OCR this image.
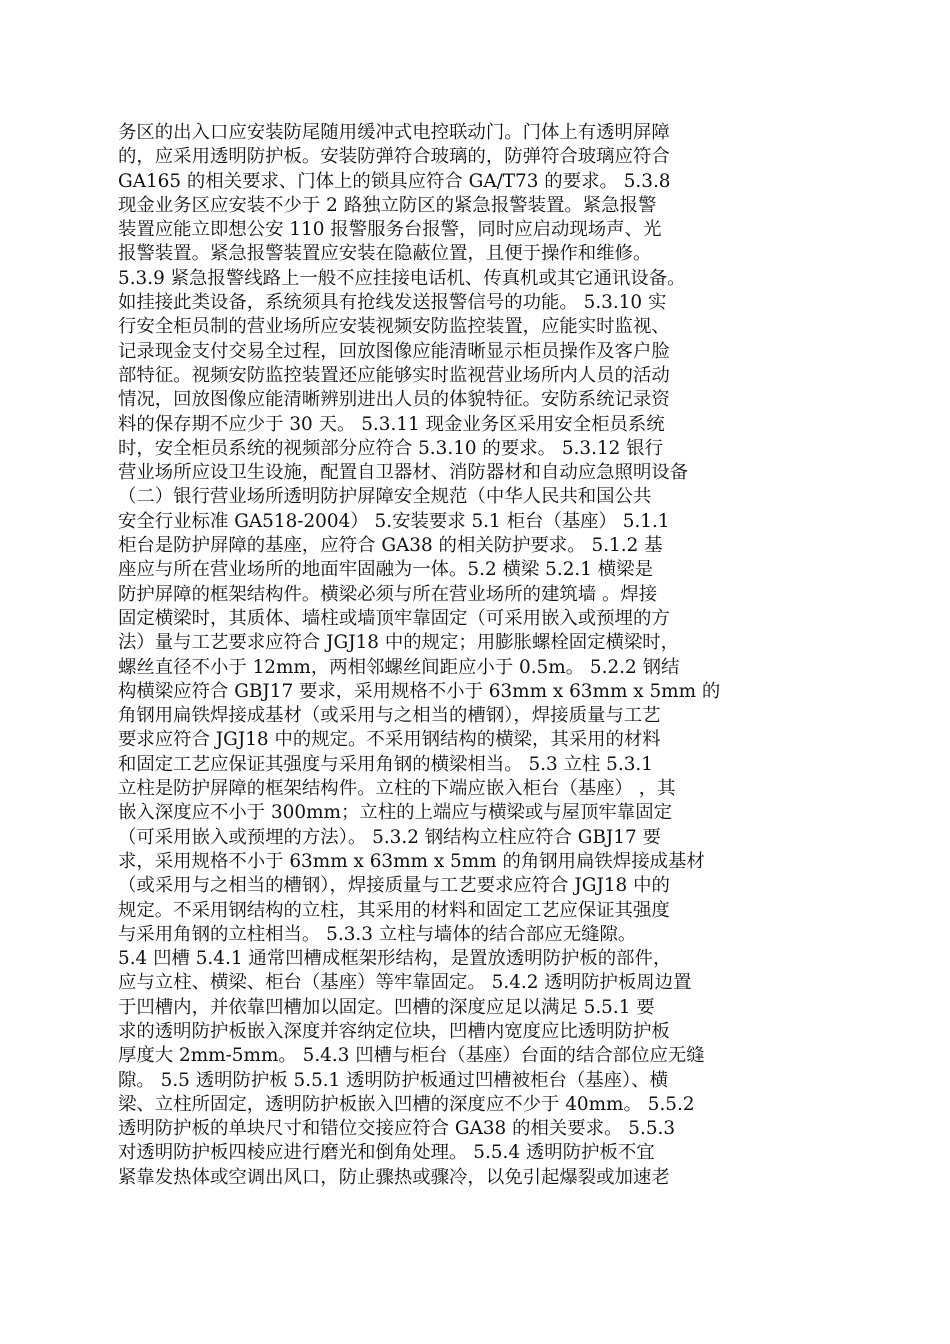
务区的出入口应安装防尾随用缓冲式电控联动门。门体上有透明屏障
的，应采用透明防护板。安装防弹符合玻璃的，防弹符合玻璃应符合
GA165 的相关要求、门体上的锁具应符合 GA/T73 的要求。 5.3.8
现金业务区应安装不少于 2 路独立防区的紧急报警装置。紧急报警
装置应能立即想公安 110 报警服务台报警，同时应启动现场声、光
报警装置。紧急报警装置应安装在隐蔽位置，且便于操作和维修。
5.3.9 紧急报警线路上一般不应挂接电话机、传真机或其它通讯设备。
如挂接此类设备，系统须具有抢线发送报警信号的功能。 5.3.10 实
行安全柜员制的营业场所应安装视频安防监控装置，应能实时监视、
记录现金支付交易全过程，回放图像应能清晰显示柜员操作及客户脸
部特征。视频安防监控装置还应能够实时监视营业场所内人员的活动
情况，回放图像应能清晰辨别进出人员的体貌特征。安防系统记录资
料的保存期不应少于 30 天。 5.3.11 现金业务区采用安全柜员系统
时，安全柜员系统的视频部分应符合 5.3.10 的要求。 5.3.12 银行
营业场所应设卫生设施，配置自卫器材、消防器材和自动应急照明设备
（二）银行营业场所透明防护屏障安全规范（中华人民共和国公共
安全行业标准 GA518-2004） 5.安装要求 5.1 柜台（基座） 5.1.1
柜台是防护屏障的基座，应符合 GA38 的相关防护要求。 5.1.2 基
座应与所在营业场所的地面牢固融为一体。5.2 横梁 5.2.1 横梁是
防护屏障的框架结构件。横梁必须与所在营业场所的建筑墙 。焊接
固定横梁时，其质体、墙柱或墙顶牢靠固定（可采用嵌入或预埋的方
法）量与工艺要求应符合 JGJ18 中的规定；用膨胀螺栓固定横梁时，
螺丝直径不小于 12mm，两相邻螺丝间距应小于 0.5m。 5.2.2 钢结
构横梁应符合 GBJ17 要求，采用规格不小于 63mm x 63mm x 5mm 的
角钢用扁铁焊接成基材（或采用与之相当的槽钢），焊接质量与工艺
要求应符合 JGJ18 中的规定。不采用钢结构的横梁，其采用的材料
和固定工艺应保证其强度与采用角钢的横梁相当。 5.3 立柱 5.3.1
立柱是防护屏障的框架结构件。立柱的下端应嵌入柜台（基座） ，其
嵌入深度应不小于 300mm；立柱的上端应与横梁或与屋顶牢靠固定
（可采用嵌入或预埋的方法）。 5.3.2 钢结构立柱应符合 GBJ17 要
求，采用规格不小于 63mm x 63mm x 5mm 的角钢用扁铁焊接成基材
（或采用与之相当的槽钢），焊接质量与工艺要求应符合 JGJ18 中的
规定。不采用钢结构的立柱，其采用的材料和固定工艺应保证其强度
与采用角钢的立柱相当。 5.3.3 立柱与墙体的结合部应无缝隙。
5.4 凹槽 5.4.1 通常凹槽成框架形结构，是置放透明防护板的部件，
应与立柱、横梁、柜台（基座）等牢靠固定。 5.4.2 透明防护板周边置
于凹槽内，并依靠凹槽加以固定。凹槽的深度应足以满足 5.5.1 要
求的透明防护板嵌入深度并容纳定位块，凹槽内宽度应比透明防护板
厚度大 2mm-5mm。 5.4.3 凹槽与柜台（基座）台面的结合部位应无缝
隙。 5.5 透明防护板 5.5.1 透明防护板通过凹槽被柜台（基座）、横
梁、立柱所固定，透明防护板嵌入凹槽的深度应不少于 40mm。 5.5.2
透明防护板的单块尺寸和错位交接应符合 GA38 的相关要求。 5.5.3
对透明防护板四棱应进行磨光和倒角处理。 5.5.4 透明防护板不宜
紧靠发热体或空调出风口，防止骤热或骤冷，以免引起爆裂或加速老
